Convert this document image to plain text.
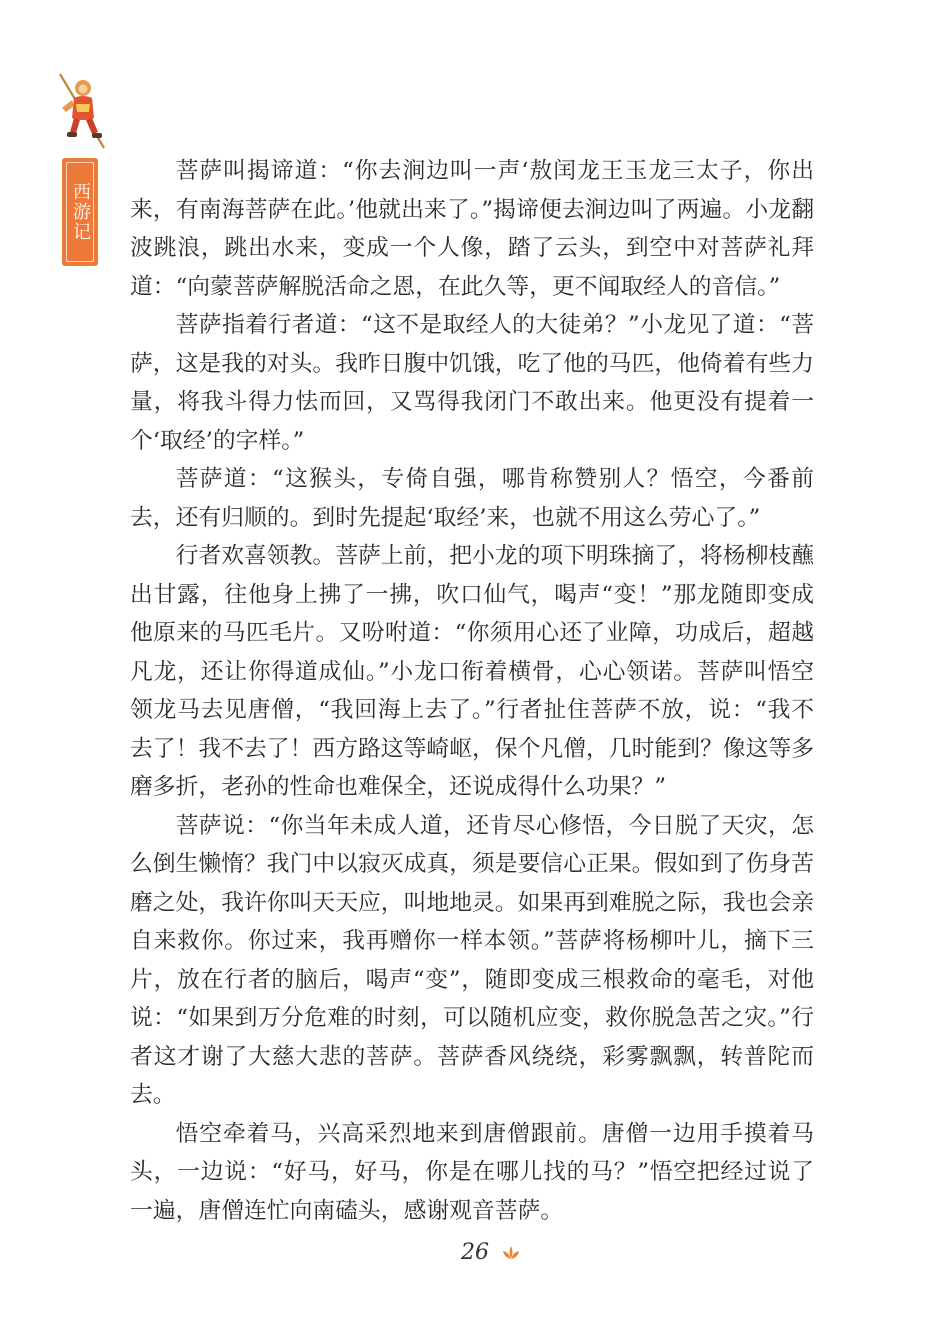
西游记

菩萨叫揭谛道：“你去涧边叫一声‘敖闰龙王玉龙三太子，你出来，有南海菩萨在此。’他就出来了。”揭谛便去涧边叫了两遍。小龙翻波跳浪，跳出水来，变成一个人像，踏了云头，到空中对菩萨礼拜道：“向蒙菩萨解脱活命之恩，在此久等，更不闻取经人的音信。”

菩萨指着行者道：“这不是取经人的大徒弟？”小龙见了道：“菩萨，这是我的对头。我昨日腹中饥饿，吃了他的马匹，他倚着有些力量，将我斗得力怯而回，又骂得我闭门不敢出来。他更没有提着一个‘取经’的字样。”

菩萨道：“这猴头，专倚自强，哪肯称赞别人？悟空，今番前去，还有归顺的。到时先提起‘取经’来，也就不用这么劳心了。”

行者欢喜领教。菩萨上前，把小龙的项下明珠摘了，将杨柳枝蘸出甘露，往他身上拂了一拂，吹口仙气，喝声“变！”那龙随即变成他原来的马匹毛片。又吩咐道：“你须用心还了业障，功成后，超越凡龙，还让你得道成仙。”小龙口衔着横骨，心心领诺。菩萨叫悟空领龙马去见唐僧，“我回海上去了。”行者扯住菩萨不放，说：“我不去了！我不去了！西方路这等崎岖，保个凡僧，几时能到？像这等多磨多折，老孙的性命也难保全，还说成得什么功果？”

菩萨说：“你当年未成人道，还肯尽心修悟，今日脱了天灾，怎么倒生懒惰？我门中以寂灭成真，须是要信心正果。假如到了伤身苦磨之处，我许你叫天天应，叫地地灵。如果再到难脱之际，我也会亲自来救你。你过来，我再赠你一样本领。”菩萨将杨柳叶儿，摘下三片，放在行者的脑后，喝声“变”，随即变成三根救命的毫毛，对他说：“如果到万分危难的时刻，可以随机应变，救你脱急苦之灾。”行者这才谢了大慈大悲的菩萨。菩萨香风绕绕，彩雾飘飘，转普陀而去。

悟空牵着马，兴高采烈地来到唐僧跟前。唐僧一边用手摸着马头，一边说：“好马，好马，你是在哪儿找的马？”悟空把经过说了一遍，唐僧连忙向南磕头，感谢观音菩萨。

26
